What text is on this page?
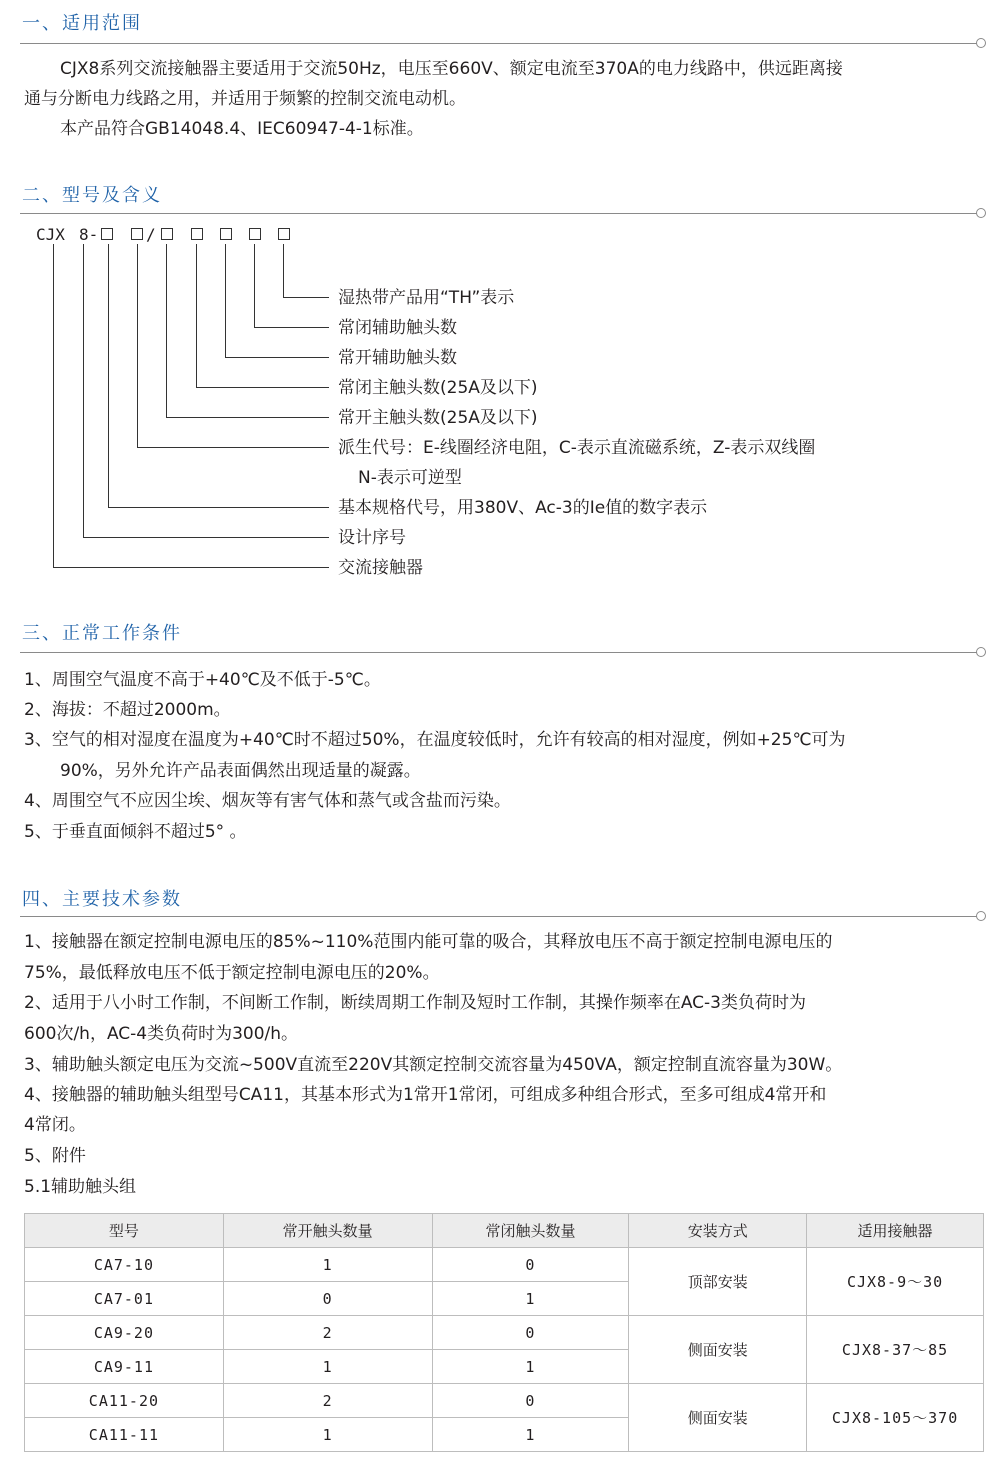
一、适用范围
CJX8系列交流接触器主要适用于交流50Hz，电压至660V、额定电流至370A的电力线路中，供远距离接
通与分断电力线路之用，并适用于频繁的控制交流电动机。
本产品符合GB14048.4、IEC60947-4-1标准。
二、型号及含义
CJX 8-	/
湿热带产品用“TH”表示
常闭辅助触头数
常开辅助触头数
常闭主触头数(25A及以下)
常开主触头数(25A及以下)
派生代号：E-线圈经济电阻，C-表示直流磁系统，Z-表示双线圈
N-表示可逆型
基本规格代号，用380V、Ac-3的Ie值的数字表示
设计序号
交流接触器
三、正常工作条件
1、周围空气温度不高于+40℃及不低于-5℃。
2、海拔：不超过2000m。
3、空气的相对湿度在温度为+40℃时不超过50%，在温度较低时，允许有较高的相对湿度，例如+25℃可为
90%，另外允许产品表面偶然出现适量的凝露。
4、周围空气不应因尘埃、烟灰等有害气体和蒸气或含盐而污染。
5、于垂直面倾斜不超过5° 。
四、主要技术参数
1、接触器在额定控制电源电压的85%~110%范围内能可靠的吸合，其释放电压不高于额定控制电源电压的
75%，最低释放电压不低于额定控制电源电压的20%。
2、适用于八小时工作制，不间断工作制，断续周期工作制及短时工作制，其操作频率在AC-3类负荷时为
600次/h，AC-4类负荷时为300/h。
3、辅助触头额定电压为交流~500V直流至220V其额定控制交流容量为450VA，额定控制直流容量为30W。
4、接触器的辅助触头组型号CA11，其基本形式为1常开1常闭，可组成多种组合形式，至多可组成4常开和
4常闭。
5、附件
5.1辅助触头组
型号	常开触头数量	常闭触头数量	安装方式	适用接触器
CA7-10	1	0	顶部安装	CJX8-9～30
CA7-01	0	1		
CA9-20	2	0	侧面安装	CJX8-37～85
CA9-11	1	1		
CA11-20	2	0	侧面安装	CJX8-105～370
CA11-11	1	1		
